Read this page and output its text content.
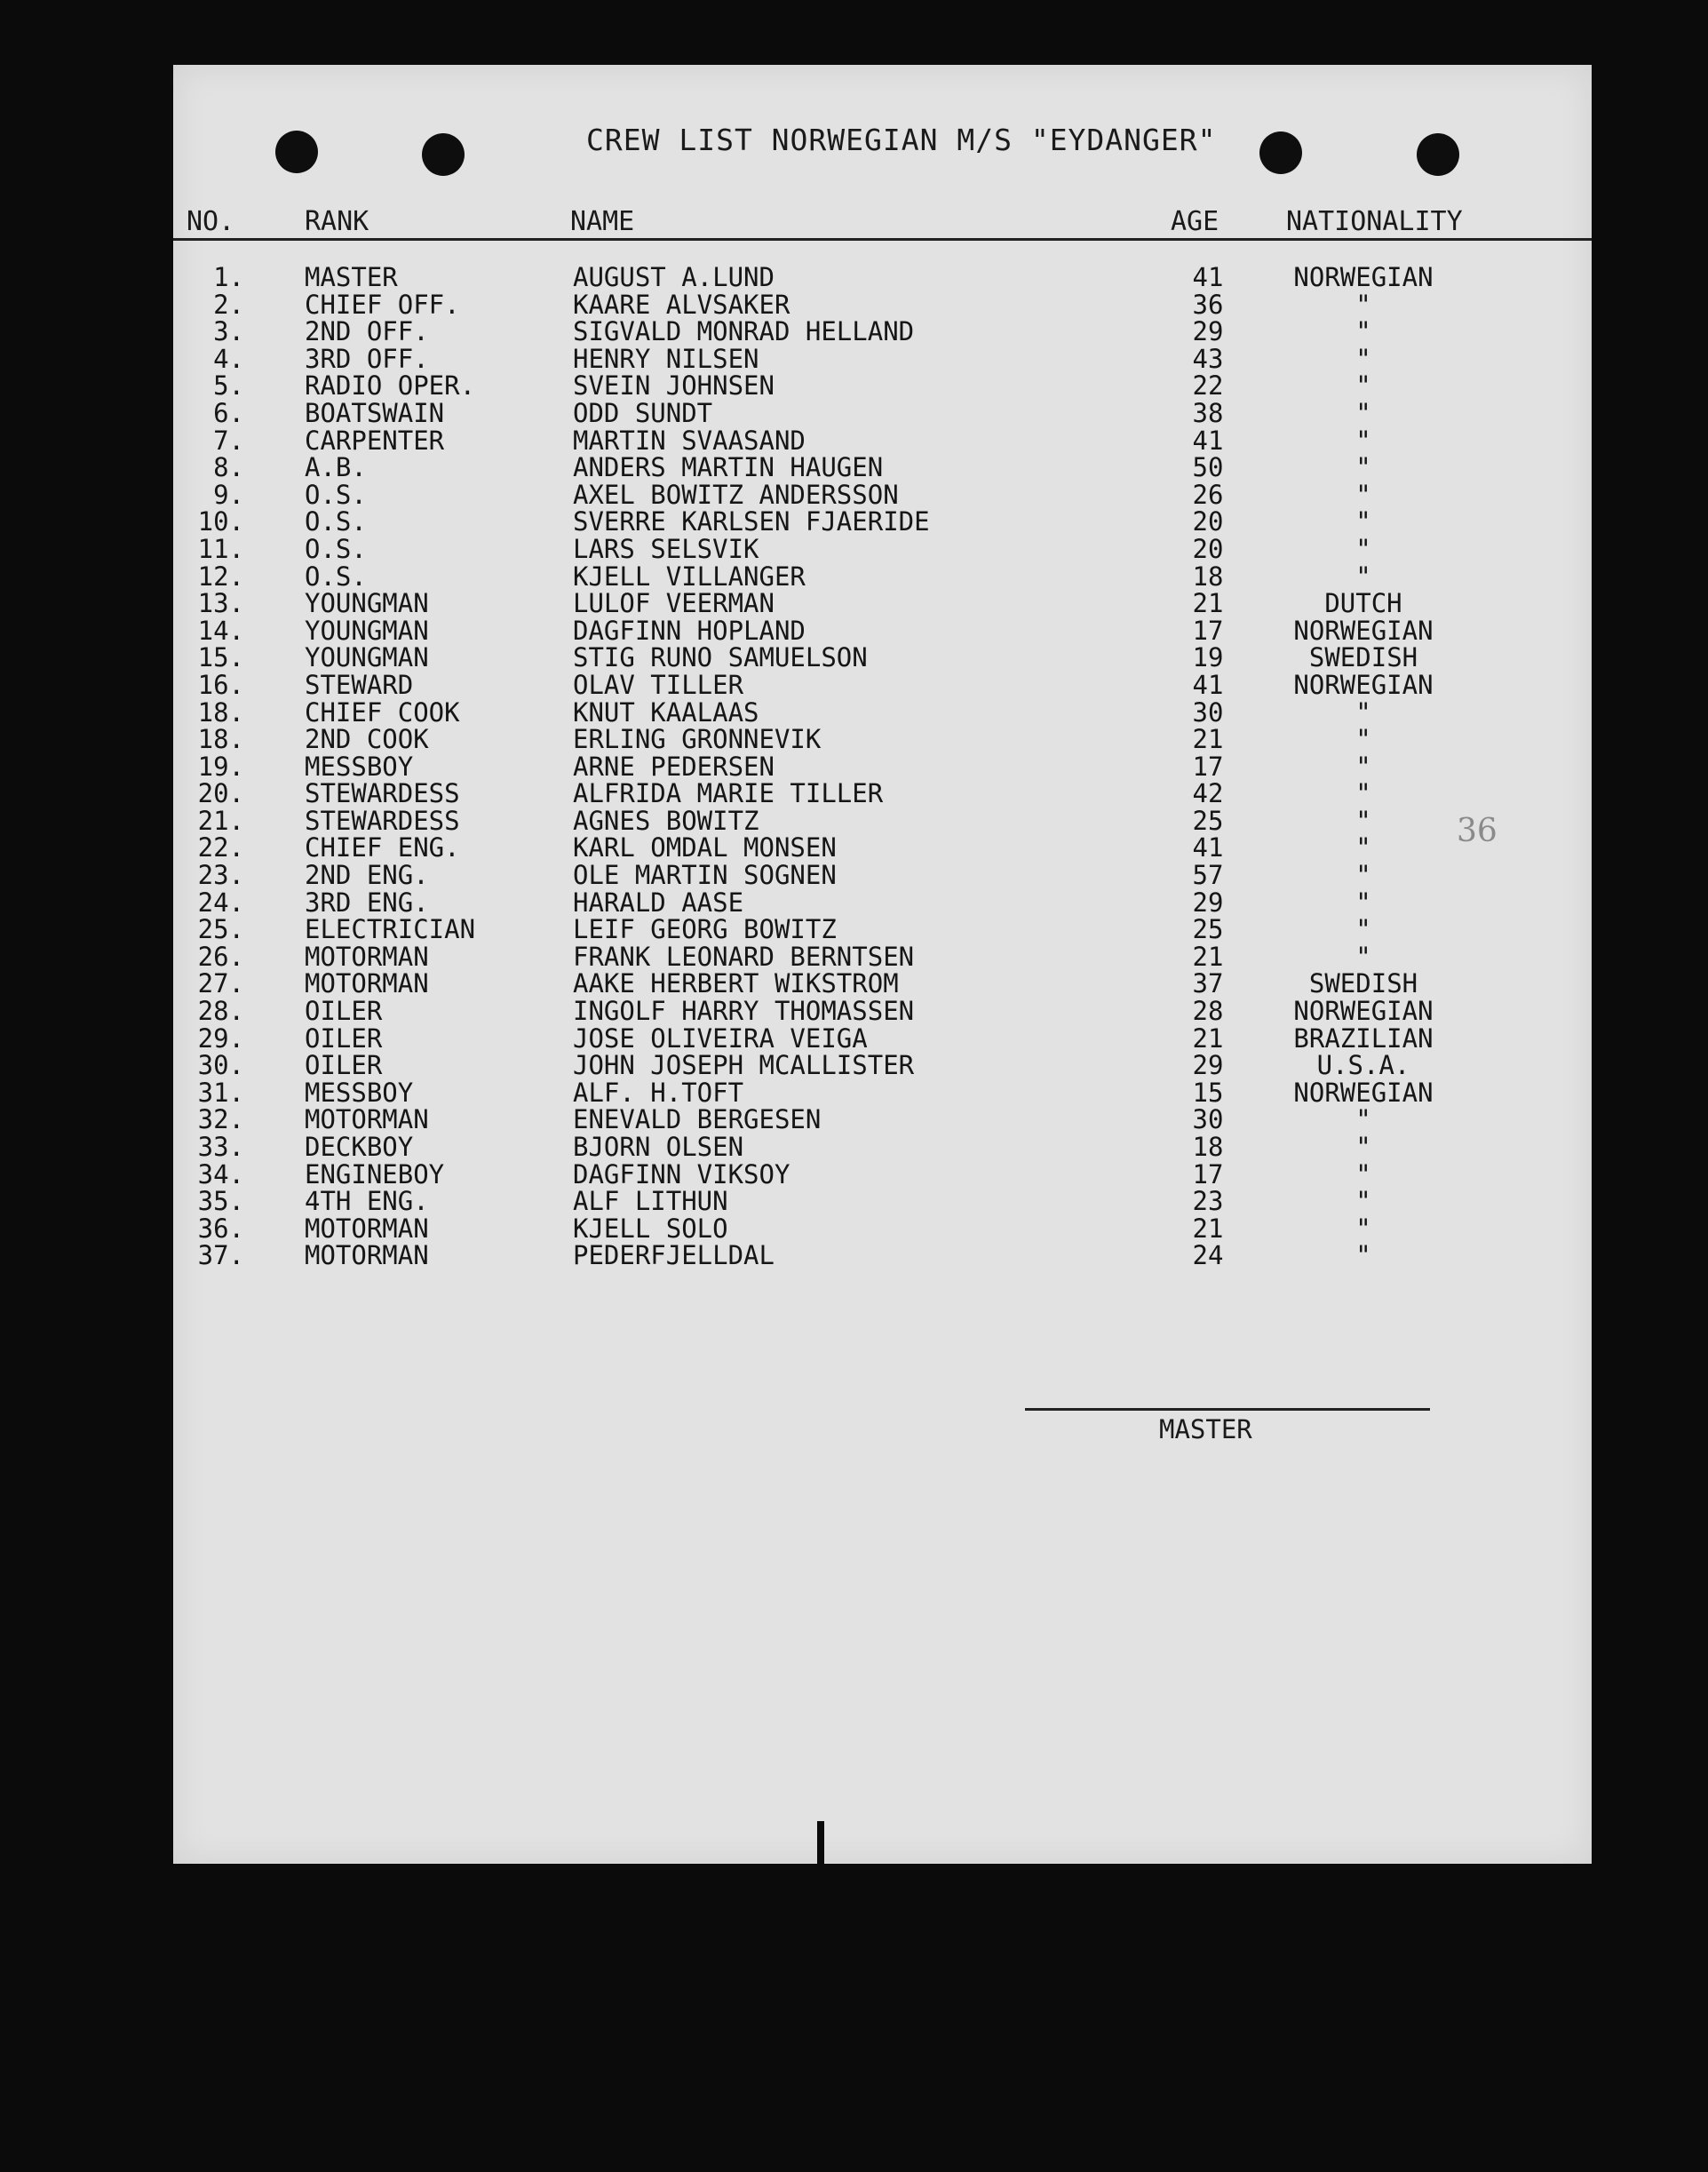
CREW LIST NORWEGIAN M/S "EYDANGER"
NO.	RANK	NAME	AGE	NATIONALITY
1. MASTER	AUGUST A.LUND	41	NORWEGIAN
2. CHIEF OFF.	KAARE ALVSAKER	36	"
3. 2ND OFF.	SIGVALD MONRAD HELLAND	29	"
4. 3RD OFF.	HENRY NILSEN	43	"
5. RADIO OPER.	SVEIN JOHNSEN	22	"
6. BOATSWAIN	ODD SUNDT	38	"
7. CARPENTER	MARTIN SVAASAND	41	"
8. A.B.	ANDERS MARTIN HAUGEN	50	"
9. O.S.	AXEL BOWITZ ANDERSSON	26	"
10. O.S.	SVERRE KARLSEN FJAERIDE	20	"
11. O.S.	LARS SELSVIK	20	"
12. O.S.	KJELL VILLANGER	18	"
13. YOUNGMAN	LULOF VEERMAN	21	DUTCH
14. YOUNGMAN	DAGFINN HOPLAND	17	NORWEGIAN
15. YOUNGMAN	STIG RUNO SAMUELSON	19	SWEDISH
16. STEWARD	OLAV TILLER	41	NORWEGIAN
18. CHIEF COOK	KNUT KAALAAS	30	"
18. 2ND COOK	ERLING GRONNEVIK	21	"
19. MESSBOY	ARNE PEDERSEN	17	"
20. STEWARDESS	ALFRIDA MARIE TILLER	42	"
21. STEWARDESS	AGNES BOWITZ	25	"
22. CHIEF ENG.	KARL OMDAL MONSEN	41	"
23. 2ND ENG.	OLE MARTIN SOGNEN	57	"
24. 3RD ENG.	HARALD AASE	29	"
25. ELECTRICIAN	LEIF GEORG BOWITZ	25	"
26. MOTORMAN	FRANK LEONARD BERNTSEN	21	"
27. MOTORMAN	AAKE HERBERT WIKSTROM	37	SWEDISH
28. OILER	INGOLF HARRY THOMASSEN	28	NORWEGIAN
29. OILER	JOSE OLIVEIRA VEIGA	21	BRAZILIAN
30. OILER	JOHN JOSEPH MCALLISTER	29	U.S.A.
31. MESSBOY	ALF. H.TOFT	15	NORWEGIAN
32. MOTORMAN	ENEVALD BERGESEN	30	"
33. DECKBOY	BJORN OLSEN	18	"
34. ENGINEBOY	DAGFINN VIKSOY	17	"
35. 4TH ENG.	ALF LITHUN	23	"
36. MOTORMAN	KJELL SOLO	21	"
37. MOTORMAN	PEDERFJELLDAL	24	"
36
MASTER
